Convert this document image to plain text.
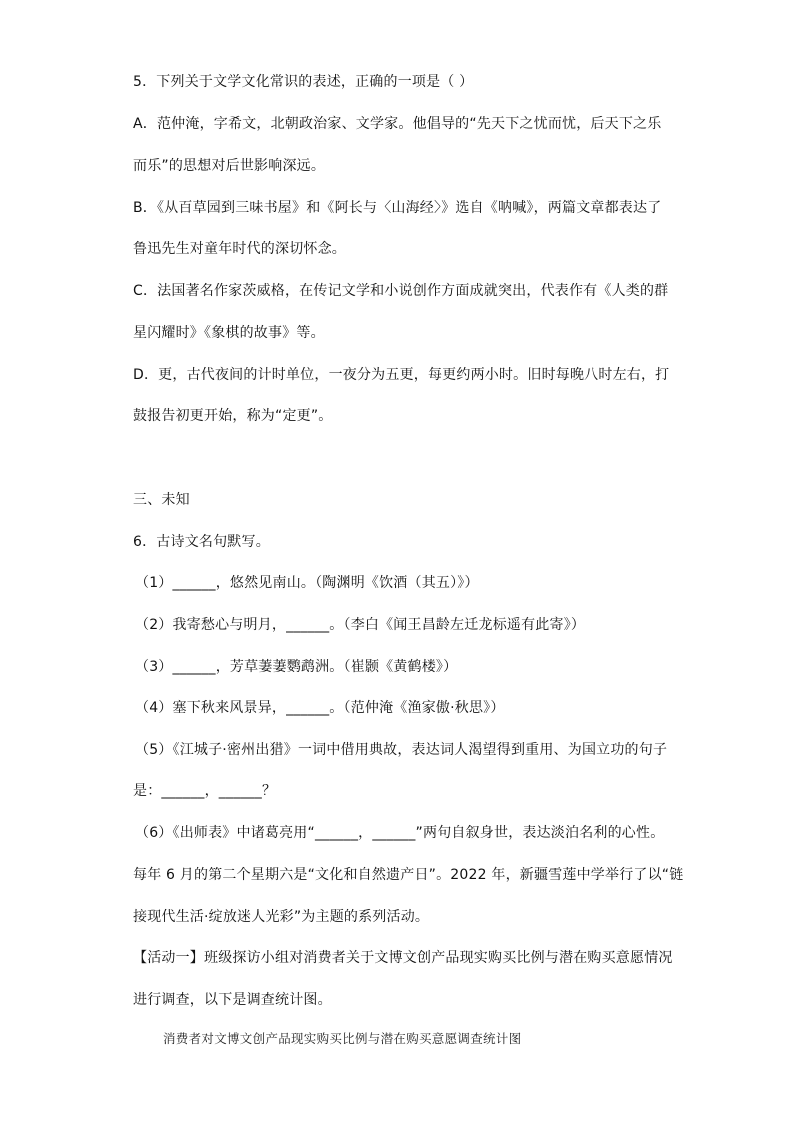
5．下列关于文学文化常识的表述，正确的一项是（ ）
A．范仲淹，字希文，北朝政治家、文学家。他倡导的“先天下之忧而忧，后天下之乐
而乐”的思想对后世影响深远。
B．《从百草园到三味书屋》和《阿长与〈山海经〉》选自《呐喊》，两篇文章都表达了
鲁迅先生对童年时代的深切怀念。
C．法国著名作家茨威格，在传记文学和小说创作方面成就突出，代表作有《人类的群
星闪耀时》《象棋的故事》等。
D．更，古代夜间的计时单位，一夜分为五更，每更约两小时。旧时每晚八时左右，打
鼓报告初更开始，称为“定更”。
三、未知
6．古诗文名句默写。
（1）______，悠然见南山。（陶渊明《饮酒（其五）》）
（2）我寄愁心与明月，______。（李白《闻王昌龄左迁龙标遥有此寄》）
（3）______，芳草萋萋鹦鹉洲。（崔颢《黄鹤楼》）
（4）塞下秋来风景异，______。（范仲淹《渔家傲·秋思》）
（5）《江城子·密州出猎》一词中借用典故，表达词人渴望得到重用、为国立功的句子
是：______，______？
（6）《出师表》中诸葛亮用“______，______”两句自叙身世，表达淡泊名利的心性。
每年 6 月的第二个星期六是“文化和自然遗产日”。2022 年，新疆雪莲中学举行了以“链
接现代生活·绽放迷人光彩”为主题的系列活动。
【活动一】班级探访小组对消费者关于文博文创产品现实购买比例与潜在购买意愿情况
进行调查，以下是调查统计图。
消费者对文博文创产品现实购买比例与潜在购买意愿调查统计图
